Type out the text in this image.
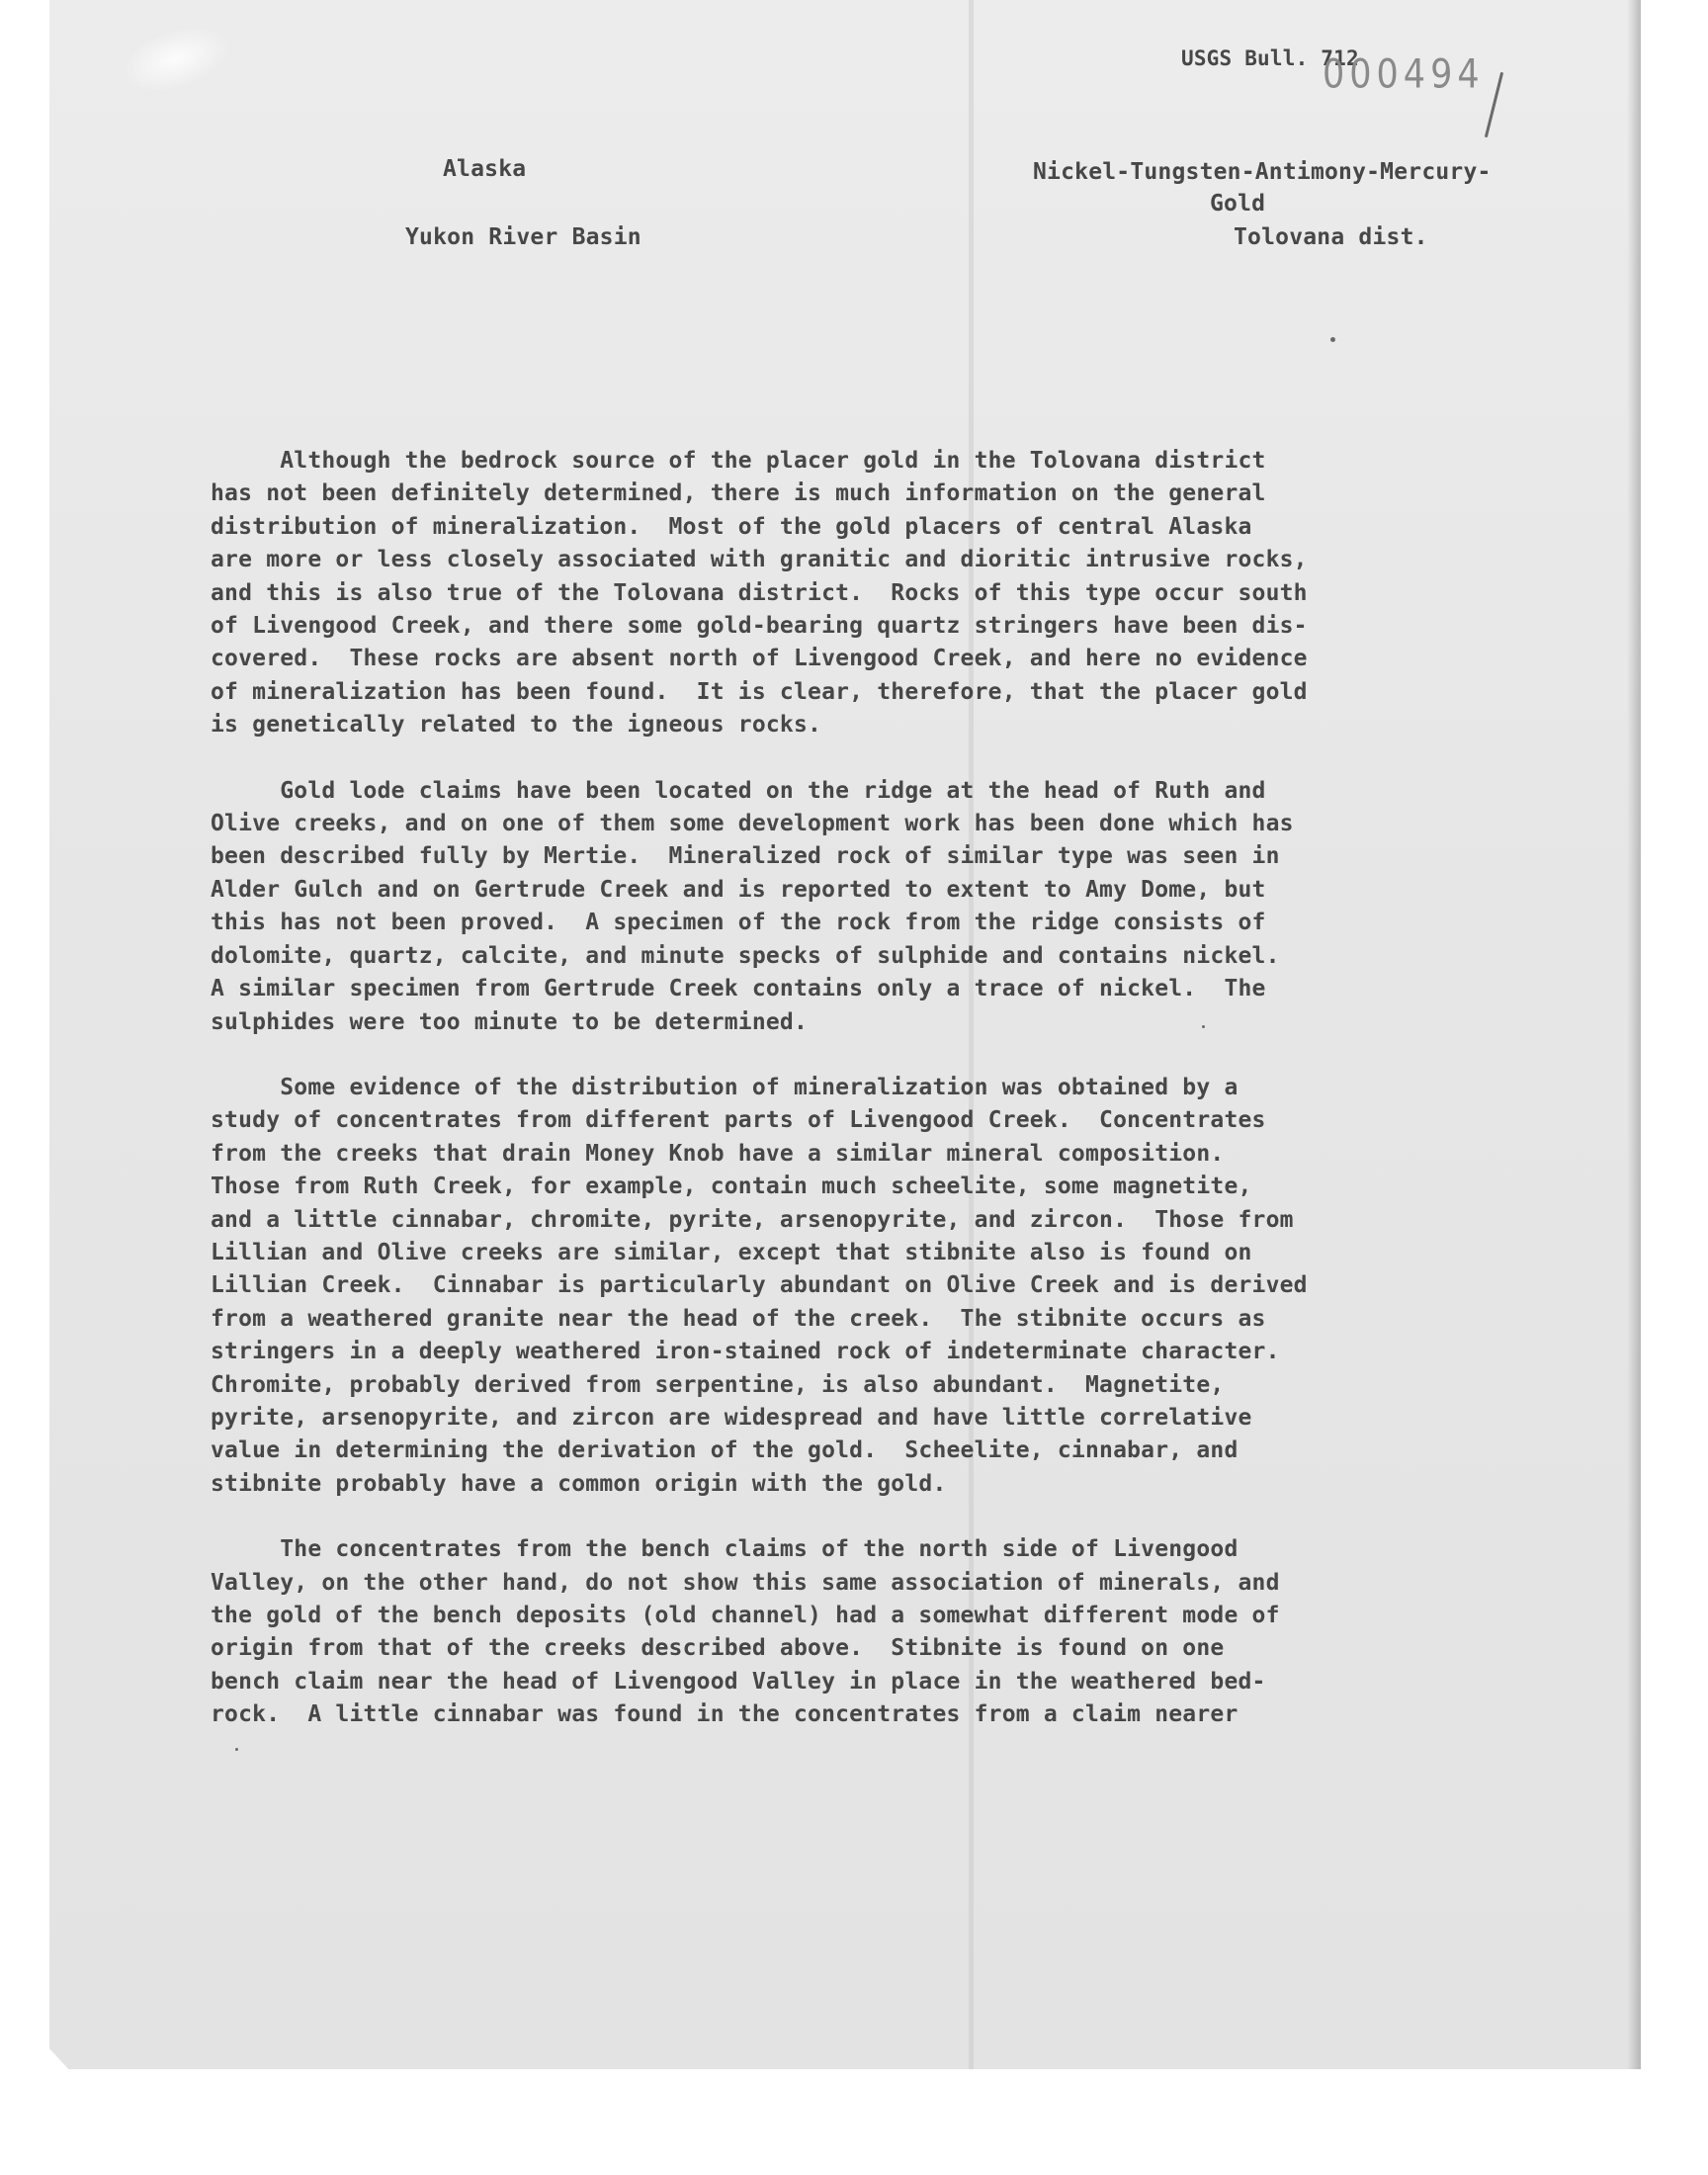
USGS Bull. 712
000494
Alaska
Yukon River Basin
Nickel-Tungsten-Antimony-Mercury-
Gold
Tolovana dist.

Although the bedrock source of the placer gold in the Tolovana district
has not been definitely determined, there is much information on the general
distribution of mineralization.  Most of the gold placers of central Alaska
are more or less closely associated with granitic and dioritic intrusive rocks,
and this is also true of the Tolovana district.  Rocks of this type occur south
of Livengood Creek, and there some gold-bearing quartz stringers have been dis-
covered.  These rocks are absent north of Livengood Creek, and here no evidence
of mineralization has been found.  It is clear, therefore, that the placer gold
is genetically related to the igneous rocks.

Gold lode claims have been located on the ridge at the head of Ruth and
Olive creeks, and on one of them some development work has been done which has
been described fully by Mertie.  Mineralized rock of similar type was seen in
Alder Gulch and on Gertrude Creek and is reported to extent to Amy Dome, but
this has not been proved.  A specimen of the rock from the ridge consists of
dolomite, quartz, calcite, and minute specks of sulphide and contains nickel.
A similar specimen from Gertrude Creek contains only a trace of nickel.  The
sulphides were too minute to be determined.

Some evidence of the distribution of mineralization was obtained by a
study of concentrates from different parts of Livengood Creek.  Concentrates
from the creeks that drain Money Knob have a similar mineral composition.
Those from Ruth Creek, for example, contain much scheelite, some magnetite,
and a little cinnabar, chromite, pyrite, arsenopyrite, and zircon.  Those from
Lillian and Olive creeks are similar, except that stibnite also is found on
Lillian Creek.  Cinnabar is particularly abundant on Olive Creek and is derived
from a weathered granite near the head of the creek.  The stibnite occurs as
stringers in a deeply weathered iron-stained rock of indeterminate character.
Chromite, probably derived from serpentine, is also abundant.  Magnetite,
pyrite, arsenopyrite, and zircon are widespread and have little correlative
value in determining the derivation of the gold.  Scheelite, cinnabar, and
stibnite probably have a common origin with the gold.

The concentrates from the bench claims of the north side of Livengood
Valley, on the other hand, do not show this same association of minerals, and
the gold of the bench deposits (old channel) had a somewhat different mode of
origin from that of the creeks described above.  Stibnite is found on one
bench claim near the head of Livengood Valley in place in the weathered bed-
rock.  A little cinnabar was found in the concentrates from a claim nearer
